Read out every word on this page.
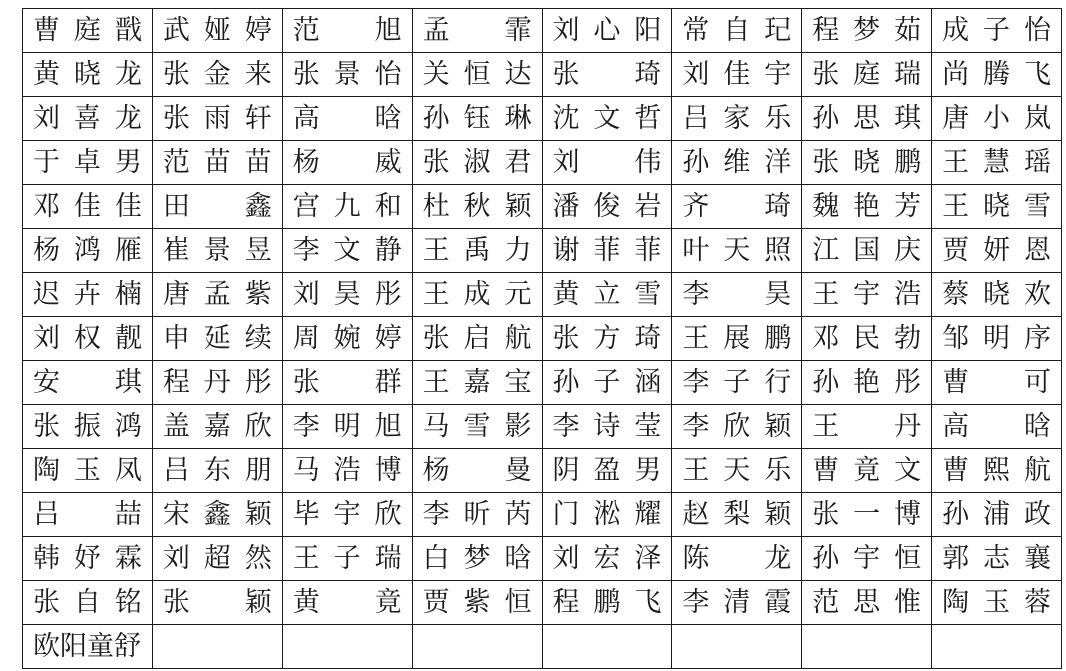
曹庭戬	武娅婷	范　旭	孟　霏	刘心阳	常自玘	程梦茹	成子怡

黄晓龙	张金来	张景怡	关恒达	张　琦	刘佳宇	张庭瑞	尚腾飞

刘喜龙	张雨轩	高　晗	孙钰琳	沈文哲	吕家乐	孙思琪	唐小岚

于卓男	范苗苗	杨　威	张淑君	刘　伟	孙维洋	张晓鹏	王慧瑶

邓佳佳	田　鑫	宫九和	杜秋颖	潘俊岩	齐　琦	魏艳芳	王晓雪

杨鸿雁	崔景昱	李文静	王禹力	谢菲菲	叶天照	江国庆	贾妍恩

迟卉楠	唐孟紫	刘昊彤	王成元	黄立雪	李　昊	王宇浩	蔡晓欢

刘权靓	申延续	周婉婷	张启航	张方琦	王展鹏	邓民勃	邹明序

安　琪	程丹彤	张　群	王嘉宝	孙子涵	李子行	孙艳彤	曹　可

张振鸿	盖嘉欣	李明旭	马雪影	李诗莹	李欣颖	王　丹	高　晗

陶玉凤	吕东朋	马浩博	杨　曼	阴盈男	王天乐	曹竟文	曹熙航

吕　喆	宋鑫颖	毕宇欣	李昕芮	门淞耀	赵梨颖	张一博	孙浦政

韩妤霖	刘超然	王子瑞	白梦晗	刘宏泽	陈　龙	孙宇恒	郭志襄

张自铭	张　颖	黄　竟	贾紫恒	程鹏飞	李清霞	范思惟	陶玉蓉

欧阳童舒							
